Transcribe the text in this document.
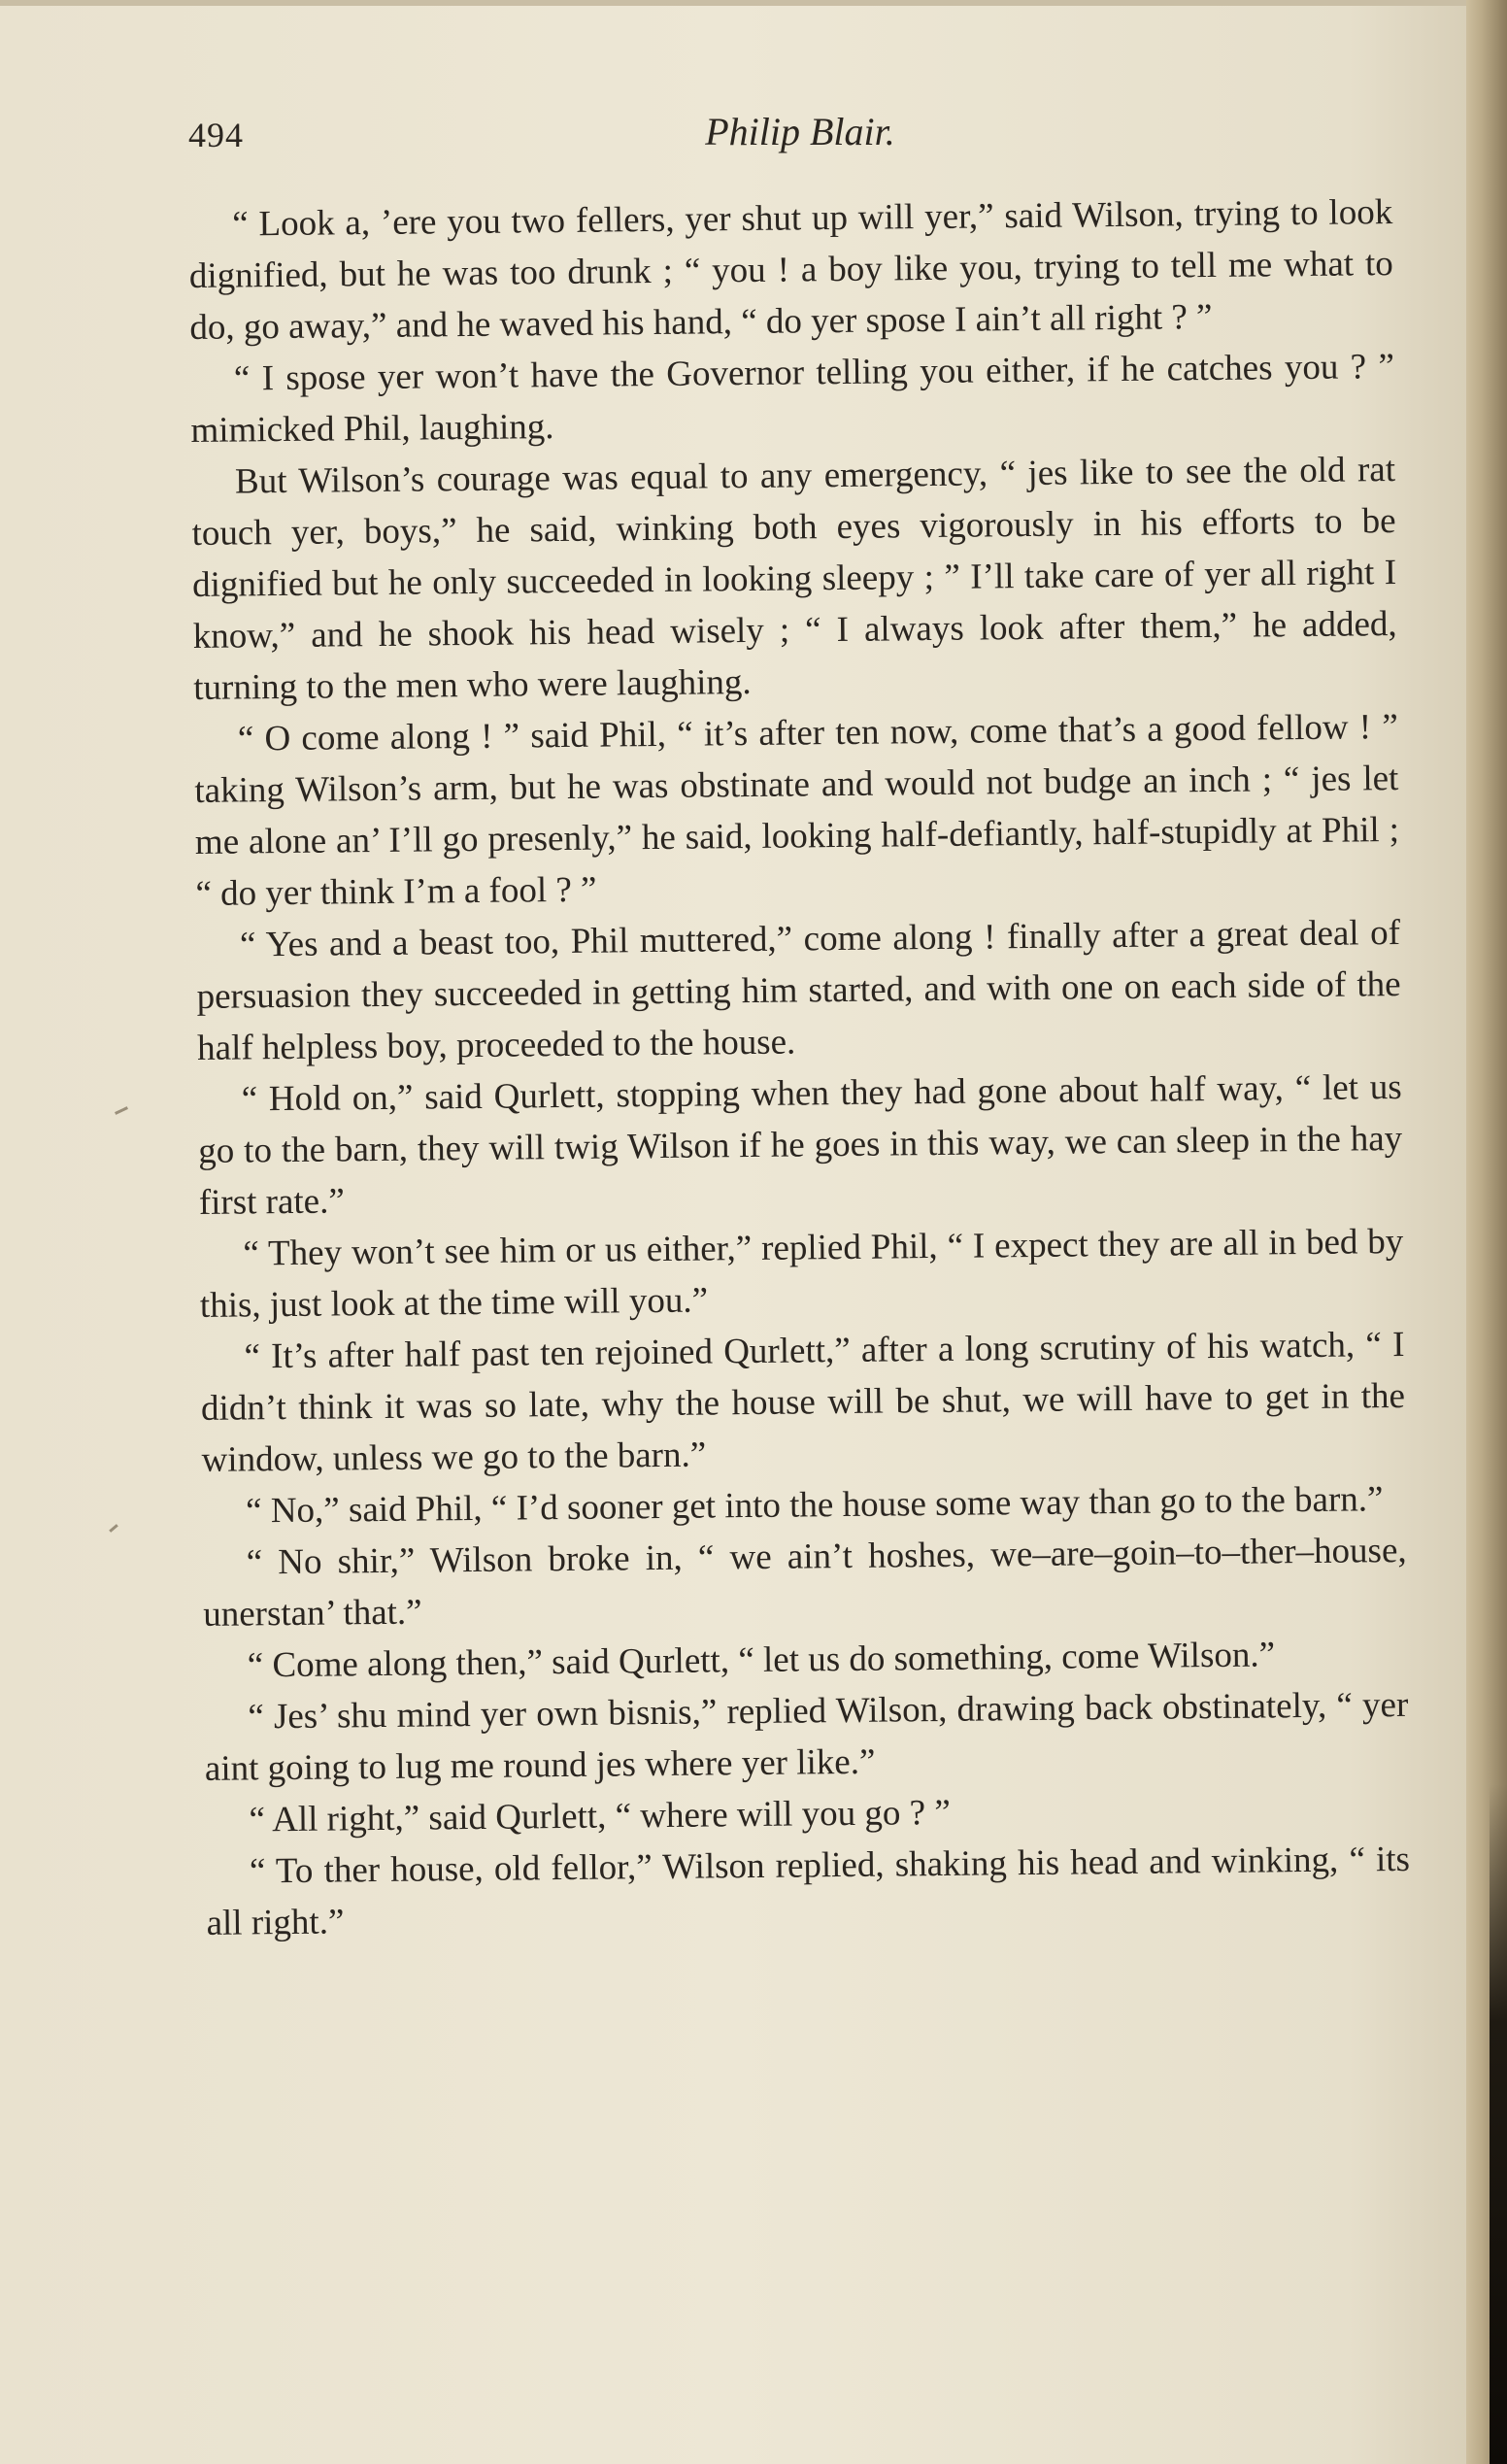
494	Philip Blair.

“ Look a, ’ere you two fellers, yer shut up will yer,” said Wilson, trying to look dignified, but he was too drunk ; “ you ! a boy like you, trying to tell me what to do, go away,” and he waved his hand, “ do yer spose I ain’t all right ? ”

“ I spose yer won’t have the Governor telling you either, if he catches you ? ” mimicked Phil, laughing.

But Wilson’s courage was equal to any emergency, “ jes like to see the old rat touch yer, boys,” he said, winking both eyes vigorously in his efforts to be dignified but he only succeeded in looking sleepy ; ” I’ll take care of yer all right I know,” and he shook his head wisely ; “ I always look after them,” he added, turning to the men who were laughing.

“ O come along ! ” said Phil, “ it’s after ten now, come that’s a good fellow ! ” taking Wilson’s arm, but he was obstinate and would not budge an inch ; “ jes let me alone an’ I’ll go presenly,” he said, looking half-defiantly, half-stupidly at Phil ; “ do yer think I’m a fool ? ”

“ Yes and a beast too, Phil muttered,” come along ! finally after a great deal of persuasion they succeeded in getting him started, and with one on each side of the half helpless boy, proceeded to the house.

“ Hold on,” said Qurlett, stopping when they had gone about half way, “ let us go to the barn, they will twig Wilson if he goes in this way, we can sleep in the hay first rate.”

“ They won’t see him or us either,” replied Phil, “ I expect they are all in bed by this, just look at the time will you.”

“ It’s after half past ten rejoined Qurlett,” after a long scrutiny of his watch, “ I didn’t think it was so late, why the house will be shut, we will have to get in the window, unless we go to the barn.”

“ No,” said Phil, “ I’d sooner get into the house some way than go to the barn.”

“ No shir,” Wilson broke in, “ we ain’t hoshes, we–are–goin–to–ther–house, unerstan’ that.”

“ Come along then,” said Qurlett, “ let us do something, come Wilson.”

“ Jes’ shu mind yer own bisnis,” replied Wilson, drawing back obstinately, “ yer aint going to lug me round jes where yer like.”

“ All right,” said Qurlett, “ where will you go ? ”

“ To ther house, old fellor,” Wilson replied, shaking his head and winking, “ its all right.”
